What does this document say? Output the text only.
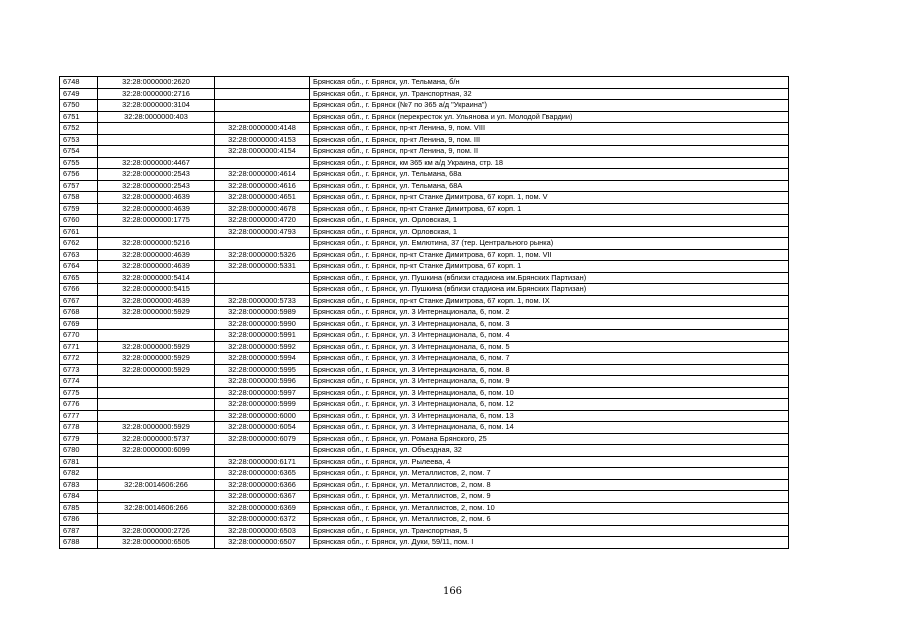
6748	32:28:0000000:2620		Брянская обл., г. Брянск, ул. Тельмана, б/н
6749	32:28:0000000:2716		Брянская обл., г. Брянск, ул. Транспортная, 32
6750	32:28:0000000:3104		Брянская обл., г. Брянск (№7 по 365 а/д "Украина")
6751	32:28:0000000:403		Брянская обл., г. Брянск (перекресток ул. Ульянова и ул. Молодой Гвардии)
6752		32:28:0000000:4148	Брянская обл., г. Брянск, пр-кт Ленина, 9, пом. VIII
6753		32:28:0000000:4153	Брянская обл., г. Брянск, пр-кт Ленина, 9, пом. III
6754		32:28:0000000:4154	Брянская обл., г. Брянск, пр-кт Ленина, 9, пом. II
6755	32:28:0000000:4467		Брянская обл., г. Брянск, км 365 км а/д Украина, стр. 18
6756	32:28:0000000:2543	32:28:0000000:4614	Брянская обл., г. Брянск, ул. Тельмана, 68а
6757	32:28:0000000:2543	32:28:0000000:4616	Брянская обл., г. Брянск, ул. Тельмана, 68А
6758	32:28:0000000:4639	32:28:0000000:4651	Брянская обл., г. Брянск, пр-кт Станке Димитрова, 67 корп. 1, пом. V
6759	32:28:0000000:4639	32:28:0000000:4678	Брянская обл., г. Брянск, пр-кт Станке Димитрова, 67 корп. 1
6760	32:28:0000000:1775	32:28:0000000:4720	Брянская обл., г. Брянск, ул. Орловская, 1
6761		32:28:0000000:4793	Брянская обл., г. Брянск, ул. Орловская, 1
6762	32:28:0000000:5216		Брянская обл., г. Брянск, ул. Емлютина, 37 (тер. Центрального рынка)
6763	32:28:0000000:4639	32:28:0000000:5326	Брянская обл., г. Брянск, пр-кт Станке Димитрова, 67 корп. 1, пом. VII
6764	32:28:0000000:4639	32:28:0000000:5331	Брянская обл., г. Брянск, пр-кт Станке Димитрова, 67 корп. 1
6765	32:28:0000000:5414		Брянская обл., г. Брянск, ул. Пушкина (вблизи стадиона им.Брянских Партизан)
6766	32:28:0000000:5415		Брянская обл., г. Брянск, ул. Пушкина (вблизи стадиона им.Брянских Партизан)
6767	32:28:0000000:4639	32:28:0000000:5733	Брянская обл., г. Брянск, пр-кт Станке Димитрова, 67 корп. 1, пом. IX
6768	32:28:0000000:5929	32:28:0000000:5989	Брянская обл., г. Брянск, ул. 3 Интернационала, 6, пом. 2
6769		32:28:0000000:5990	Брянская обл., г. Брянск, ул. 3 Интернационала, 6, пом. 3
6770		32:28:0000000:5991	Брянская обл., г. Брянск, ул. 3 Интернационала, 6, пом. 4
6771	32:28:0000000:5929	32:28:0000000:5992	Брянская обл., г. Брянск, ул. 3 Интернационала, 6, пом. 5
6772	32:28:0000000:5929	32:28:0000000:5994	Брянская обл., г. Брянск, ул. 3 Интернационала, 6, пом. 7
6773	32:28:0000000:5929	32:28:0000000:5995	Брянская обл., г. Брянск, ул. 3 Интернационала, 6, пом. 8
6774		32:28:0000000:5996	Брянская обл., г. Брянск, ул. 3 Интернационала, 6, пом. 9
6775		32:28:0000000:5997	Брянская обл., г. Брянск, ул. 3 Интернационала, 6, пом. 10
6776		32:28:0000000:5999	Брянская обл., г. Брянск, ул. 3 Интернационала, 6, пом. 12
6777		32:28:0000000:6000	Брянская обл., г. Брянск, ул. 3 Интернационала, 6, пом. 13
6778	32:28:0000000:5929	32:28:0000000:6054	Брянская обл., г. Брянск, ул. 3 Интернационала, 6, пом. 14
6779	32:28:0000000:5737	32:28:0000000:6079	Брянская обл., г. Брянск, ул. Романа Брянского, 25
6780	32:28:0000000:6099		Брянская обл., г. Брянск, ул. Объездная, 32
6781		32:28:0000000:6171	Брянская обл., г. Брянск, ул. Рылеева, 4
6782		32:28:0000000:6365	Брянская обл., г. Брянск, ул. Металлистов, 2, пом. 7
6783	32:28:0014606:266	32:28:0000000:6366	Брянская обл., г. Брянск, ул. Металлистов, 2, пом. 8
6784		32:28:0000000:6367	Брянская обл., г. Брянск, ул. Металлистов, 2, пом. 9
6785	32:28:0014606:266	32:28:0000000:6369	Брянская обл., г. Брянск, ул. Металлистов, 2, пом. 10
6786		32:28:0000000:6372	Брянская обл., г. Брянск, ул. Металлистов, 2, пом. 6
6787	32:28:0000000:2726	32:28:0000000:6503	Брянская обл., г. Брянск, ул. Транспортная, 5
6788	32:28:0000000:6505	32:28:0000000:6507	Брянская обл., г. Брянск, ул. Дуки, 59/11, пом. I
166
